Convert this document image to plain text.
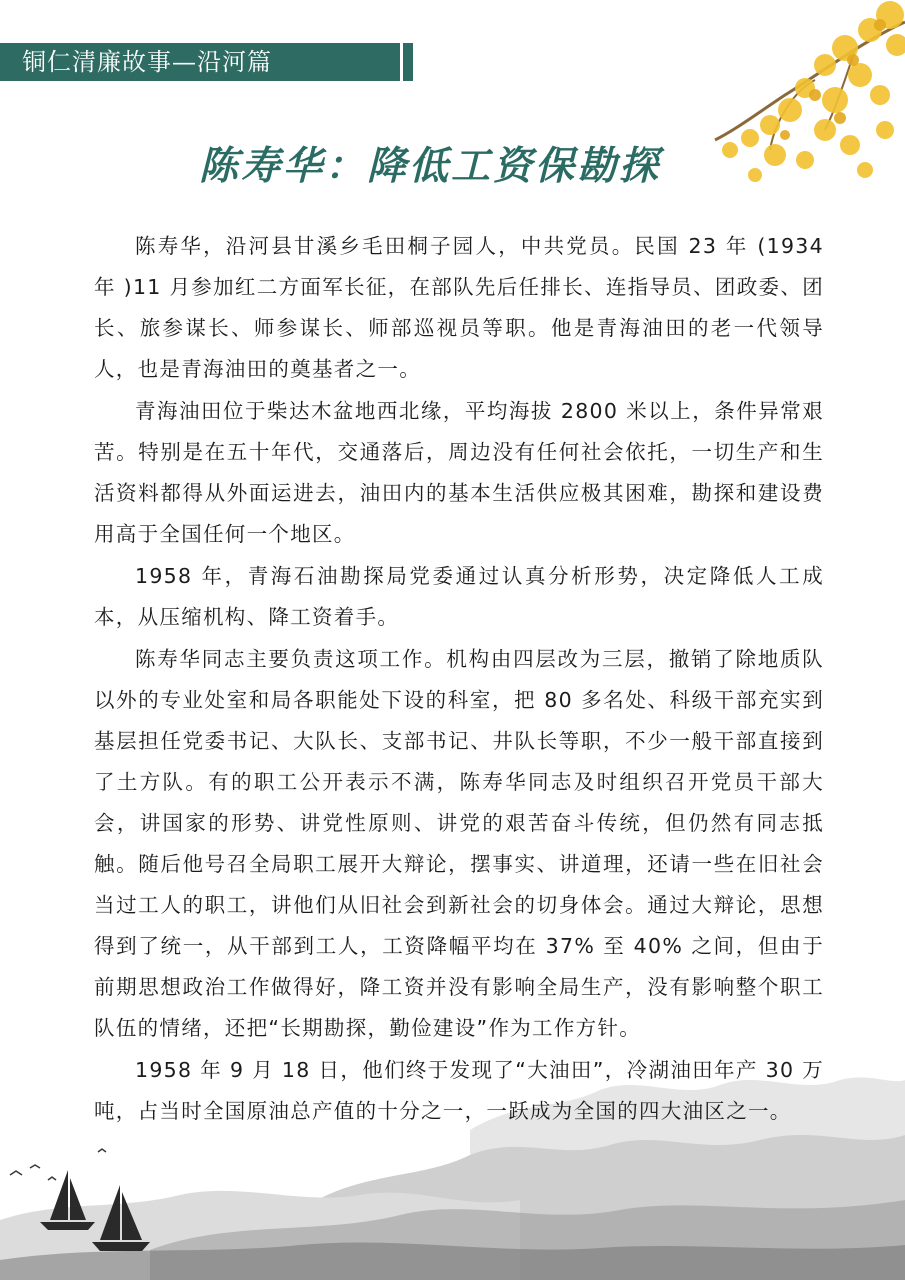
铜仁清廉故事—沿河篇
陈寿华：降低工资保勘探

陈寿华，沿河县甘溪乡毛田桐子园人，中共党员。民国 23 年 (1934 年 )11 月参加红二方面军长征，在部队先后任排长、连指导员、团政委、团长、旅参谋长、师参谋长、师部巡视员等职。他是青海油田的老一代领导人，也是青海油田的奠基者之一。

青海油田位于柴达木盆地西北缘，平均海拔 2800 米以上，条件异常艰苦。特别是在五十年代，交通落后，周边没有任何社会依托，一切生产和生活资料都得从外面运进去，油田内的基本生活供应极其困难，勘探和建设费用高于全国任何一个地区。

1958 年，青海石油勘探局党委通过认真分析形势，决定降低人工成本，从压缩机构、降工资着手。

陈寿华同志主要负责这项工作。机构由四层改为三层，撤销了除地质队以外的专业处室和局各职能处下设的科室，把 80 多名处、科级干部充实到基层担任党委书记、大队长、支部书记、井队长等职，不少一般干部直接到了土方队。有的职工公开表示不满，陈寿华同志及时组织召开党员干部大会，讲国家的形势、讲党性原则、讲党的艰苦奋斗传统，但仍然有同志抵触。随后他号召全局职工展开大辩论，摆事实、讲道理，还请一些在旧社会当过工人的职工，讲他们从旧社会到新社会的切身体会。通过大辩论，思想得到了统一，从干部到工人，工资降幅平均在 37% 至 40% 之间，但由于前期思想政治工作做得好，降工资并没有影响全局生产，没有影响整个职工队伍的情绪，还把“长期勘探，勤俭建设”作为工作方针。

1958 年 9 月 18 日，他们终于发现了“大油田”，冷湖油田年产 30 万吨，占当时全国原油总产值的十分之一，一跃成为全国的四大油区之一。
